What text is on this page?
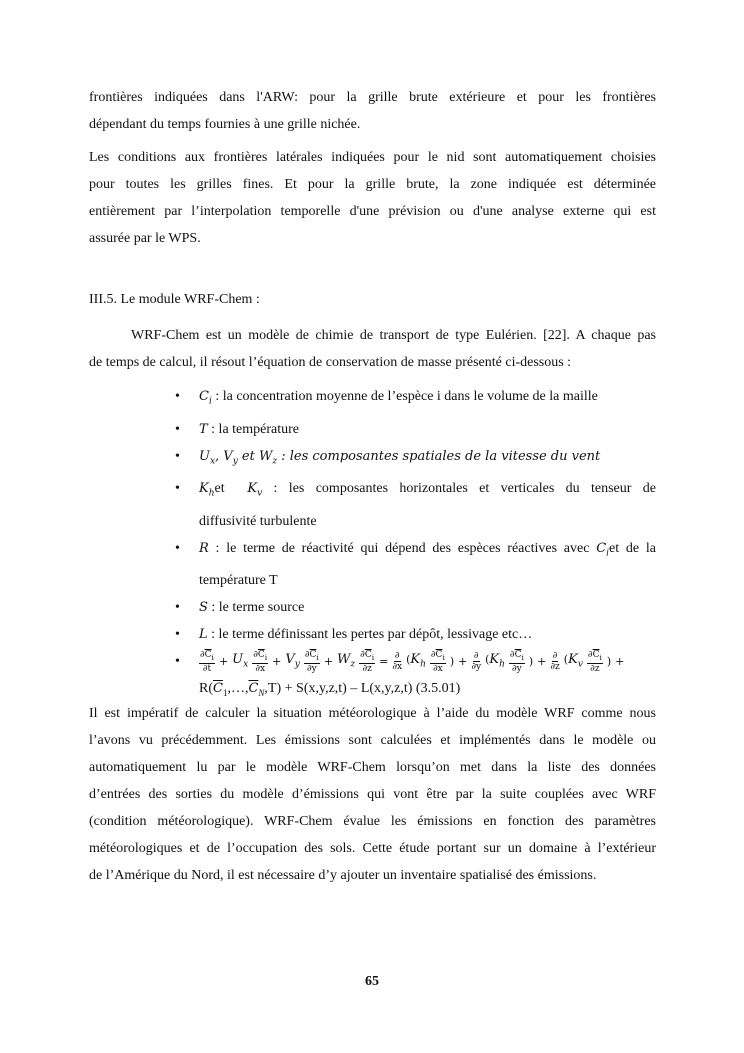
frontières indiquées dans l'ARW: pour la grille brute extérieure et pour les frontières
dépendant du temps fournies à une grille nichée.

Les conditions aux frontières latérales indiquées pour le nid sont automatiquement choisies
pour toutes les grilles fines. Et pour la grille brute, la zone indiquée est déterminée
entièrement par l’interpolation temporelle d'une prévision ou d'une analyse externe qui est
assurée par le WPS.

III.5. Le module WRF-Chem :

WRF-Chem est un modèle de chimie de transport de type Eulérien. [22]. A chaque pas
de temps de calcul, il résout l’équation de conservation de masse présenté ci-dessous :

• $C_i$ : la concentration moyenne de l’espèce i dans le volume de la maille
• T : la température
• $U_x$, $V_y$ et $W_z$ : les composantes spatiales de la vitesse du vent
• $K_het$  $K_v$ : les composantes horizontales et verticales du tenseur de
diffusivité turbulente
• R : le terme de réactivité qui dépend des espèces réactives avec $C_iet$ de la
température T
• S : le terme source
• L : le terme définissant les pertes par dépôt, lessivage etc…
• $\frac{\partial\overline{C}_i}{\partial t} + U_x \frac{\partial\overline{C}_i}{\partial x} + V_y \frac{\partial\overline{C}_i}{\partial y} + W_z \frac{\partial\overline{C}_i}{\partial z} = \frac{\partial}{\partial x} (K_h \frac{\partial\overline{C}_i}{\partial x}$ ) + $\frac{\partial}{\partial y} (K_h \frac{\partial\overline{C}_i}{\partial y}$ ) + $\frac{\partial}{\partial z} (K_v \frac{\partial\overline{C}_i}{\partial z}$ ) +
$R(\overline{C}_1,\dots,\overline{C}_N,T) + S(x,y,z,t) - L(x,y,z,t)$ (3.5.01)

Il est impératif de calculer la situation météorologique à l’aide du modèle WRF comme nous
l’avons vu précédemment. Les émissions sont calculées et implémentés dans le modèle ou
automatiquement lu par le modèle WRF-Chem lorsqu’on met dans la liste des données
d’entrées des sorties du modèle d’émissions qui vont être par la suite couplées avec WRF
(condition météorologique). WRF-Chem évalue les émissions en fonction des paramètres
météorologiques et de l’occupation des sols. Cette étude portant sur un domaine à l’extérieur
de l’Amérique du Nord, il est nécessaire d’y ajouter un inventaire spatialisé des émissions.

65
